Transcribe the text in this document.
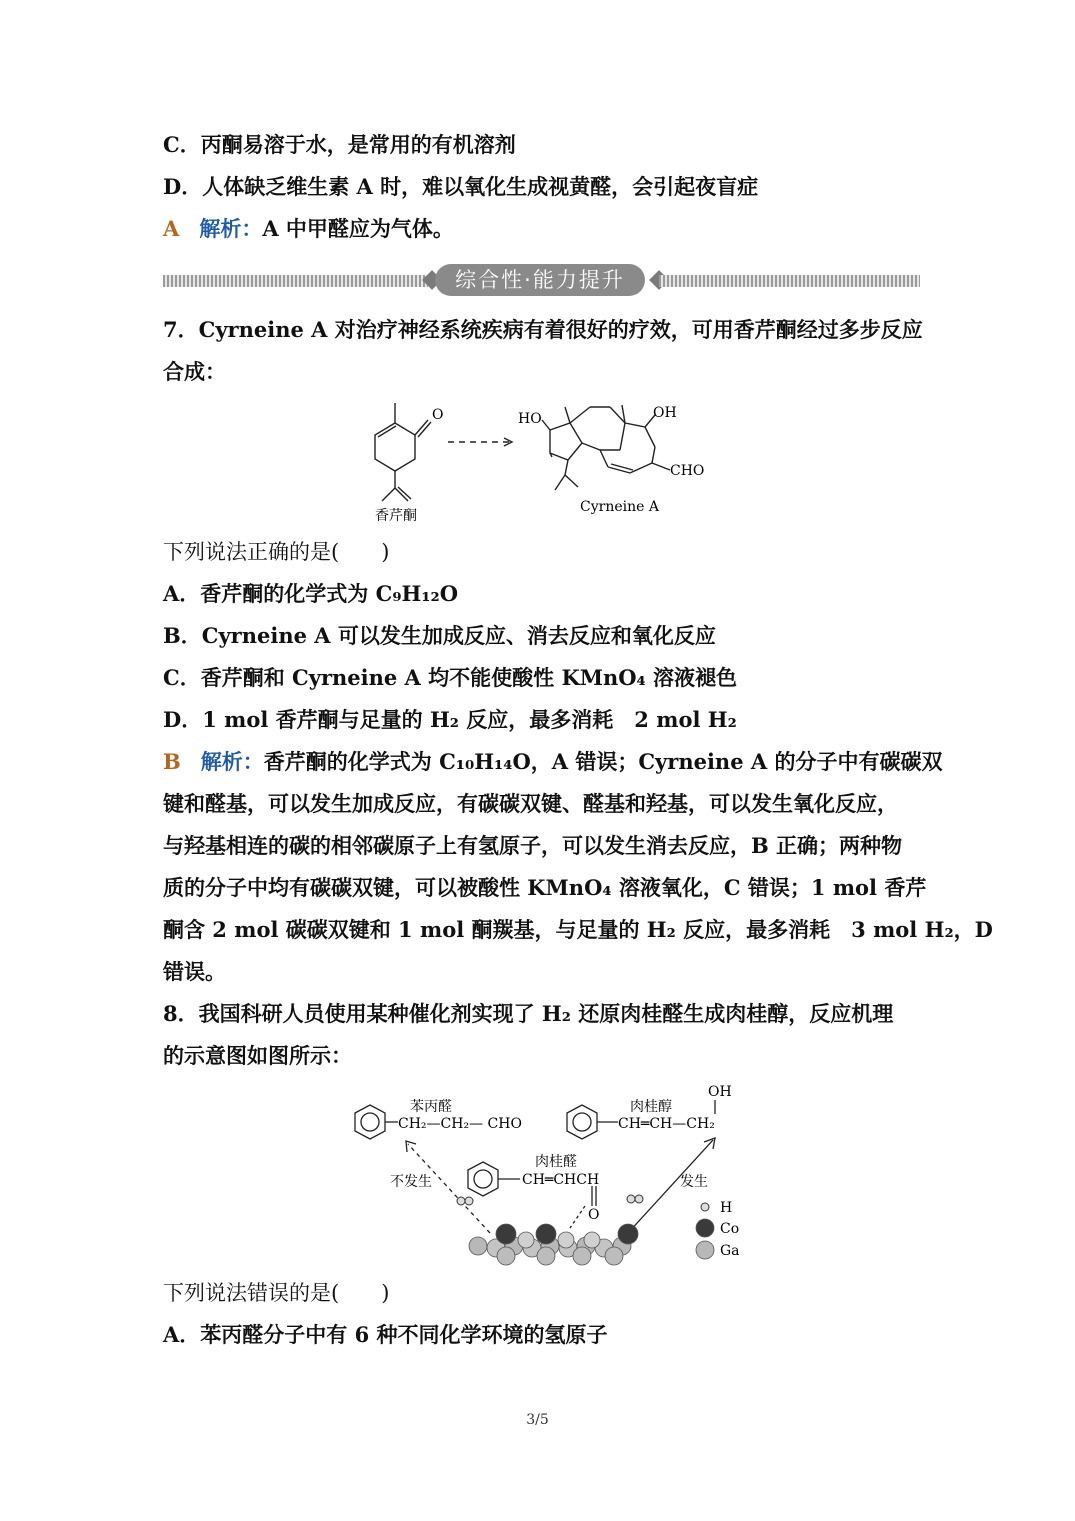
C．丙酮易溶于水，是常用的有机溶剂
D．人体缺乏维生素 A 时，难以氧化生成视黄醛，会引起夜盲症
A 解析：A 中甲醛应为气体。
综合性·能力提升
7．Cyrneine A 对治疗神经系统疾病有着很好的疗效，可用香芹酮经过多步反应
合成：
O
香芹酮
HO	OH
CHO
Cyrneine A
下列说法正确的是(　　)
A．香芹酮的化学式为 C₉H₁₂O
B．Cyrneine A 可以发生加成反应、消去反应和氧化反应
C．香芹酮和 Cyrneine A 均不能使酸性 KMnO₄ 溶液褪色
D．1 mol 香芹酮与足量的 H₂ 反应，最多消耗　2 mol H₂
B 解析：香芹酮的化学式为 C₁₀H₁₄O，A 错误；Cyrneine A 的分子中有碳碳双
键和醛基，可以发生加成反应，有碳碳双键、醛基和羟基，可以发生氧化反应，
与羟基相连的碳的相邻碳原子上有氢原子，可以发生消去反应，B 正确；两种物
质的分子中均有碳碳双键，可以被酸性 KMnO₄ 溶液氧化，C 错误；1 mol 香芹
酮含 2 mol 碳碳双键和 1 mol 酮羰基，与足量的 H₂ 反应，最多消耗　3 mol H₂，D
错误。
8．我国科研人员使用某种催化剂实现了 H₂ 还原肉桂醛生成肉桂醇，反应机理
的示意图如图所示：
苯丙醛
CH₂—CH₂— CHO
肉桂醇
OH
CH═CH—CH₂
肉桂醛
CH═CHCH
O
不发生	发生
H
Co
Ga
下列说法错误的是(　　)
A．苯丙醛分子中有 6 种不同化学环境的氢原子
3/5
